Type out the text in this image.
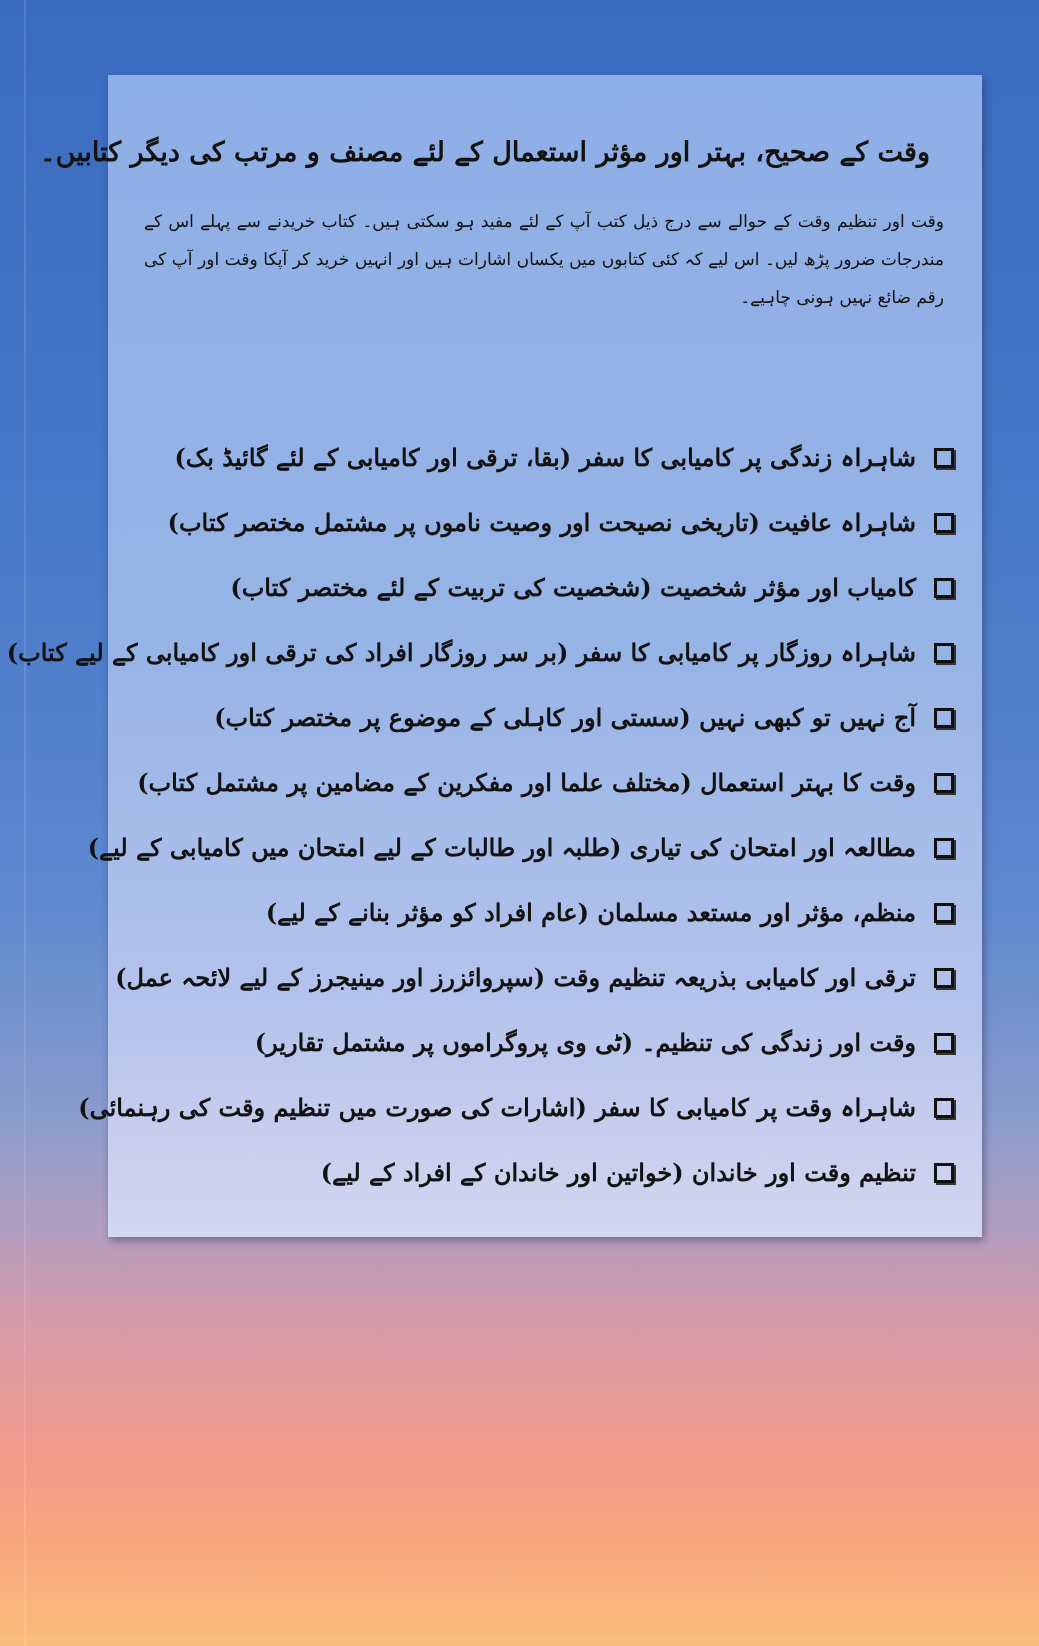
وقت کے صحیح، بہتر اور مؤثر استعمال کے لئے مصنف و مرتب کی دیگر کتابیں۔
وقت اور تنظیم وقت کے حوالے سے درج ذیل کتب آپ کے لئے مفید ہو سکتی ہیں۔ کتاب خریدنے سے پہلے اس کے مندرجات ضرور پڑھ لیں۔ اس لیے کہ کئی کتابوں میں یکساں اشارات ہیں اور انہیں خرید کر آپکا وقت اور آپ کی رقم ضائع نہیں ہونی چاہیے۔
شاہراہ زندگی پر کامیابی کا سفر (بقا، ترقی اور کامیابی کے لئے گائیڈ بک)
شاہراہ عافیت (تاریخی نصیحت اور وصیت ناموں پر مشتمل مختصر کتاب)
کامیاب اور مؤثر شخصیت (شخصیت کی تربیت کے لئے مختصر کتاب)
شاہراہ روزگار پر کامیابی کا سفر (بر سر روزگار افراد کی ترقی اور کامیابی کے لیے کتاب)
آج نہیں تو کبھی نہیں (سستی اور کاہلی کے موضوع پر مختصر کتاب)
وقت کا بہتر استعمال (مختلف علما اور مفکرین کے مضامین پر مشتمل کتاب)
مطالعہ اور امتحان کی تیاری (طلبہ اور طالبات کے لیے امتحان میں کامیابی کے لیے)
منظم، مؤثر اور مستعد مسلمان (عام افراد کو مؤثر بنانے کے لیے)
ترقی اور کامیابی بذریعہ تنظیم وقت (سپروائزرز اور مینیجرز کے لیے لائحہ عمل)
وقت اور زندگی کی تنظیم۔ (ٹی وی پروگراموں پر مشتمل تقاریر)
شاہراہ وقت پر کامیابی کا سفر (اشارات کی صورت میں تنظیم وقت کی رہنمائی)
تنظیم وقت اور خاندان (خواتین اور خاندان کے افراد کے لیے)
